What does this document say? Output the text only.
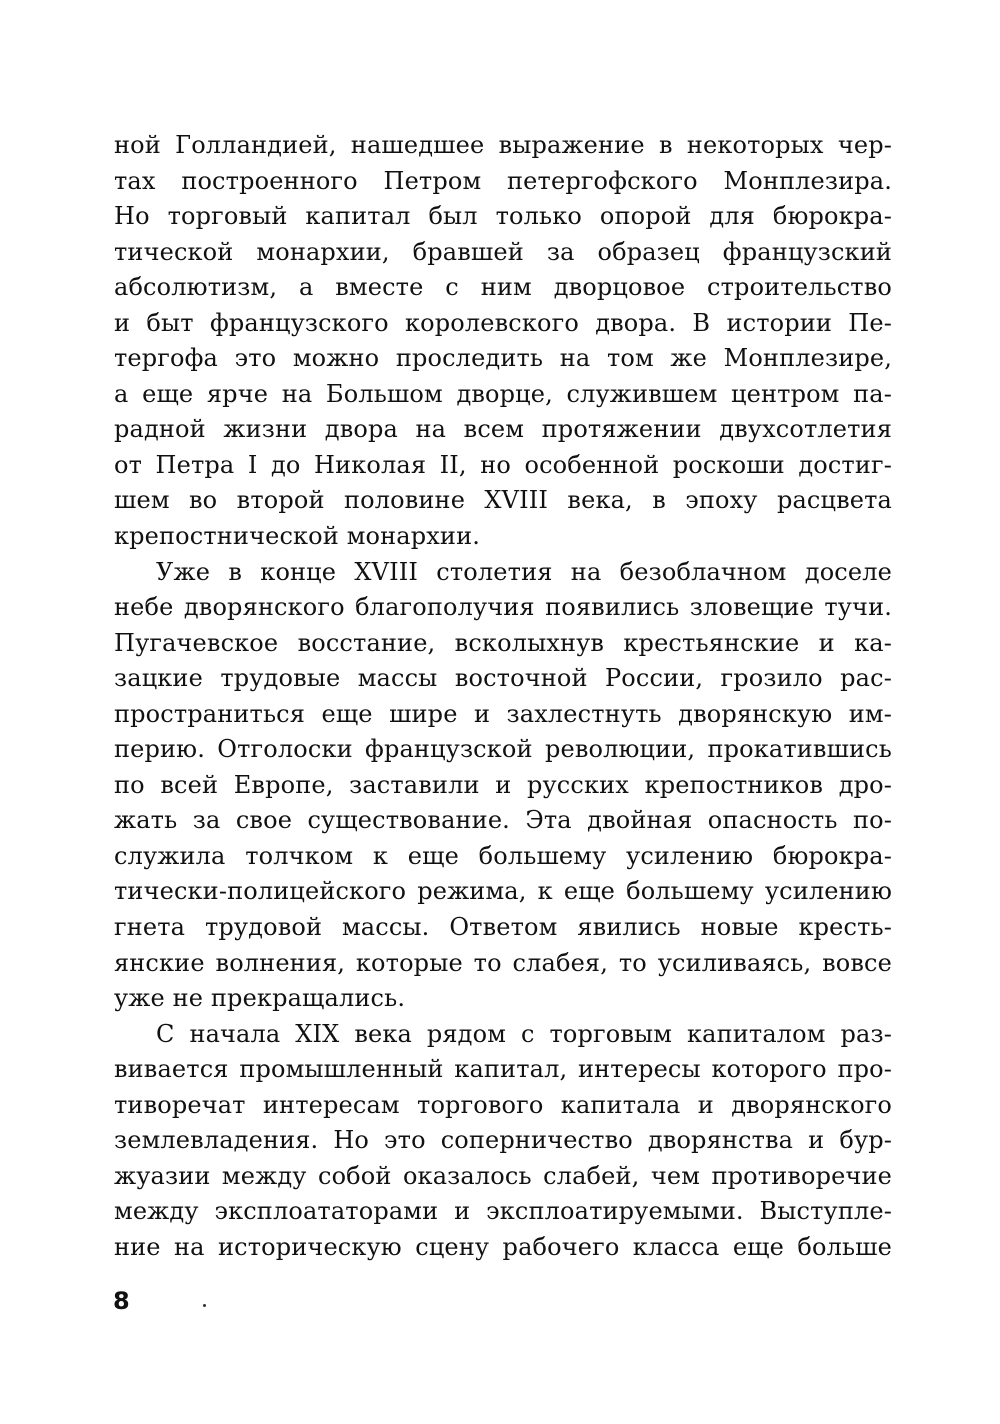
ной Голландией, нашедшее выражение в некоторых чер-
тах построенного Петром петергофского Монплезира.
Но торговый капитал был только опорой для бюрокра-
тической монархии, бравшей за образец французский
абсолютизм, а вместе с ним дворцовое строительство
и быт французского королевского двора. В истории Пе-
тергофа это можно проследить на том же Монплезире,
а еще ярче на Большом дворце, служившем центром па-
радной жизни двора на всем протяжении двухсотлетия
от Петра I до Николая II, но особенной роскоши достиг-
шем во второй половине XVIII века, в эпоху расцвета
крепостнической монархии.
Уже в конце XVIII столетия на безоблачном доселе
небе дворянского благополучия появились зловещие тучи.
Пугачевское восстание, всколыхнув крестьянские и ка-
зацкие трудовые массы восточной России, грозило рас-
пространиться еще шире и захлестнуть дворянскую им-
перию. Отголоски французской революции, прокатившись
по всей Европе, заставили и русских крепостников дро-
жать за свое существование. Эта двойная опасность по-
служила толчком к еще большему усилению бюрокра-
тически-полицейского режима, к еще большему усилению
гнета трудовой массы. Ответом явились новые кресть-
янские волнения, которые то слабея, то усиливаясь, вовсе
уже не прекращались.
С начала XIX века рядом с торговым капиталом раз-
вивается промышленный капитал, интересы которого про-
тиворечат интересам торгового капитала и дворянского
землевладения. Но это соперничество дворянства и бур-
жуазии между собой оказалось слабей, чем противоречие
между эксплоататорами и эксплоатируемыми. Выступле-
ние на историческую сцену рабочего класса еще больше
8
